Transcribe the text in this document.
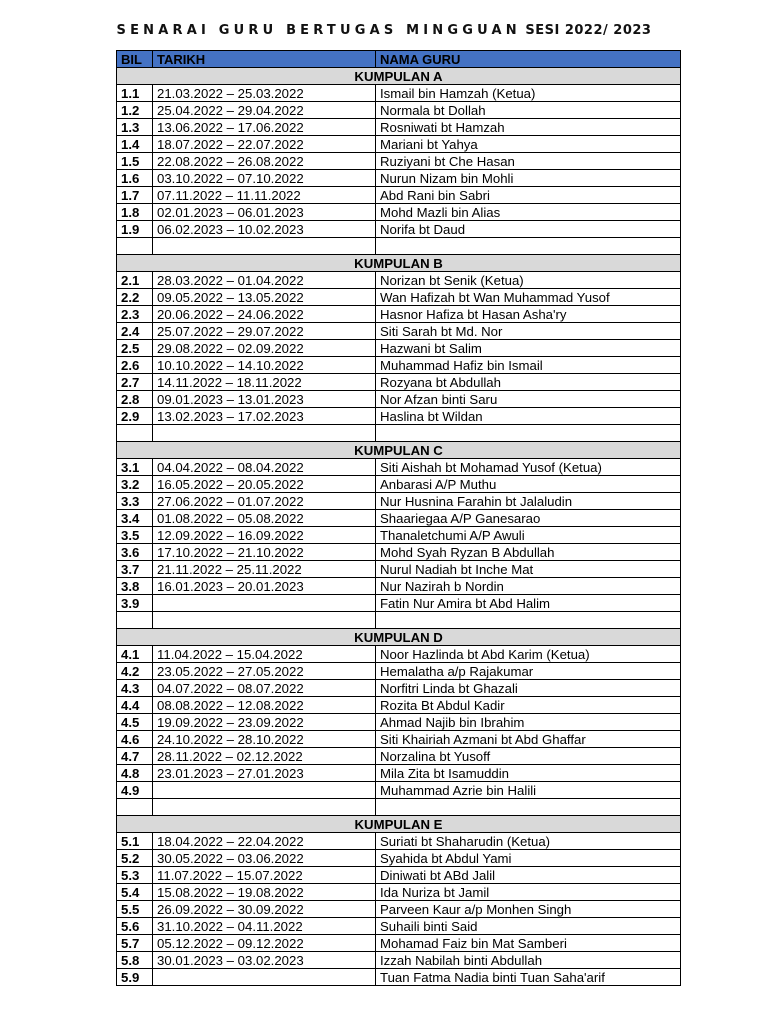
SENARAI GURU BERTUGAS MINGGUAN SESI 2022/ 2023
BIL	TARIKH	NAMA GURU
KUMPULAN A		
1.1	21.03.2022 – 25.03.2022	Ismail bin Hamzah (Ketua)
1.2	25.04.2022 – 29.04.2022	Normala bt Dollah
1.3	13.06.2022 – 17.06.2022	Rosniwati bt Hamzah
1.4	18.07.2022 – 22.07.2022	Mariani bt Yahya
1.5	22.08.2022 – 26.08.2022	Ruziyani bt Che Hasan
1.6	03.10.2022 – 07.10.2022	Nurun Nizam bin Mohli
1.7	07.11.2022 – 11.11.2022	Abd Rani bin Sabri
1.8	02.01.2023 – 06.01.2023	Mohd Mazli bin Alias
1.9	06.02.2023 – 10.02.2023	Norifa bt Daud

KUMPULAN B		
2.1	28.03.2022 – 01.04.2022	Norizan bt Senik (Ketua)
2.2	09.05.2022 – 13.05.2022	Wan Hafizah bt Wan Muhammad Yusof
2.3	20.06.2022 – 24.06.2022	Hasnor Hafiza bt Hasan Asha'ry
2.4	25.07.2022 – 29.07.2022	Siti Sarah bt Md. Nor
2.5	29.08.2022 – 02.09.2022	Hazwani bt Salim
2.6	10.10.2022 – 14.10.2022	Muhammad Hafiz bin Ismail
2.7	14.11.2022 – 18.11.2022	Rozyana bt Abdullah
2.8	09.01.2023 – 13.01.2023	Nor Afzan binti Saru
2.9	13.02.2023 – 17.02.2023	Haslina bt Wildan

KUMPULAN C		
3.1	04.04.2022 – 08.04.2022	Siti Aishah bt Mohamad Yusof (Ketua)
3.2	16.05.2022 – 20.05.2022	Anbarasi A/P Muthu
3.3	27.06.2022 – 01.07.2022	Nur Husnina Farahin bt Jalaludin
3.4	01.08.2022 – 05.08.2022	Shaariegaa A/P Ganesarao
3.5	12.09.2022 – 16.09.2022	Thanaletchumi A/P Awuli
3.6	17.10.2022 – 21.10.2022	Mohd Syah Ryzan B Abdullah
3.7	21.11.2022 – 25.11.2022	Nurul Nadiah bt Inche Mat
3.8	16.01.2023 – 20.01.2023	Nur Nazirah b Nordin
3.9		Fatin Nur Amira bt Abd Halim

KUMPULAN D		
4.1	11.04.2022 – 15.04.2022	Noor Hazlinda bt Abd Karim (Ketua)
4.2	23.05.2022 – 27.05.2022	Hemalatha a/p Rajakumar
4.3	04.07.2022 – 08.07.2022	Norfitri Linda bt Ghazali
4.4	08.08.2022 – 12.08.2022	Rozita Bt Abdul Kadir
4.5	19.09.2022 – 23.09.2022	Ahmad Najib bin Ibrahim
4.6	24.10.2022 – 28.10.2022	Siti Khairiah Azmani bt Abd Ghaffar
4.7	28.11.2022 – 02.12.2022	Norzalina bt Yusoff
4.8	23.01.2023 – 27.01.2023	Mila Zita bt Isamuddin
4.9		Muhammad Azrie bin Halili

KUMPULAN E		
5.1	18.04.2022 – 22.04.2022	Suriati bt Shaharudin (Ketua)
5.2	30.05.2022 – 03.06.2022	Syahida bt Abdul Yami
5.3	11.07.2022 – 15.07.2022	Diniwati bt ABd Jalil
5.4	15.08.2022 – 19.08.2022	Ida Nuriza bt Jamil
5.5	26.09.2022 – 30.09.2022	Parveen Kaur a/p Monhen Singh
5.6	31.10.2022 – 04.11.2022	Suhaili binti Said
5.7	05.12.2022 – 09.12.2022	Mohamad Faiz bin Mat Samberi
5.8	30.01.2023 – 03.02.2023	Izzah Nabilah binti Abdullah
5.9		Tuan Fatma Nadia binti Tuan Saha'arif
